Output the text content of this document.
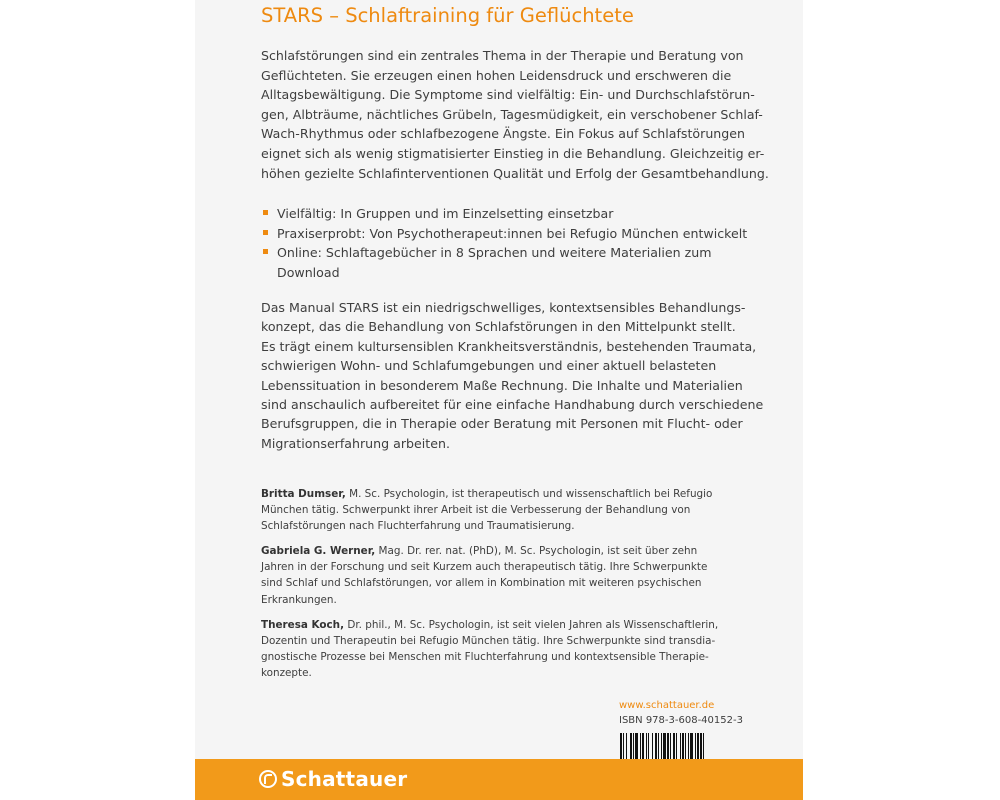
STARS – Schlaftraining für Geflüchtete

Schlafstörungen sind ein zentrales Thema in der Therapie und Beratung von
Geflüchteten. Sie erzeugen einen hohen Leidensdruck und erschweren die
Alltagsbewältigung. Die Symptome sind vielfältig: Ein- und Durchschlafstörun-
gen, Albträume, nächtliches Grübeln, Tagesmüdigkeit, ein verschobener Schlaf-
Wach-Rhythmus oder schlafbezogene Ängste. Ein Fokus auf Schlafstörungen
eignet sich als wenig stigmatisierter Einstieg in die Behandlung. Gleichzeitig er-
höhen gezielte Schlafinterventionen Qualität und Erfolg der Gesamtbehandlung.

Vielfältig: In Gruppen und im Einzelsetting einsetzbar
Praxiserprobt: Von Psychotherapeut:innen bei Refugio München entwickelt
Online: Schlaftagebücher in 8 Sprachen und weitere Materialien zum
Download

Das Manual STARS ist ein niedrigschwelliges, kontextsensibles Behandlungs-
konzept, das die Behandlung von Schlafstörungen in den Mittelpunkt stellt.
Es trägt einem kultursensiblen Krankheitsverständnis, bestehenden Traumata,
schwierigen Wohn- und Schlafumgebungen und einer aktuell belasteten
Lebenssituation in besonderem Maße Rechnung. Die Inhalte und Materialien
sind anschaulich aufbereitet für eine einfache Handhabung durch verschiedene
Berufsgruppen, die in Therapie oder Beratung mit Personen mit Flucht- oder
Migrationserfahrung arbeiten.

Britta Dumser, M. Sc. Psychologin, ist therapeutisch und wissenschaftlich bei Refugio
München tätig. Schwerpunkt ihrer Arbeit ist die Verbesserung der Behandlung von
Schlafstörungen nach Fluchterfahrung und Traumatisierung.

Gabriela G. Werner, Mag. Dr. rer. nat. (PhD), M. Sc. Psychologin, ist seit über zehn
Jahren in der Forschung und seit Kurzem auch therapeutisch tätig. Ihre Schwerpunkte
sind Schlaf und Schlafstörungen, vor allem in Kombination mit weiteren psychischen
Erkrankungen.

Theresa Koch, Dr. phil., M. Sc. Psychologin, ist seit vielen Jahren als Wissenschaftlerin,
Dozentin und Therapeutin bei Refugio München tätig. Ihre Schwerpunkte sind transdia-
gnostische Prozesse bei Menschen mit Fluchterfahrung und kontextsensible Therapie-
konzepte.

www.schattauer.de
ISBN 978-3-608-40152-3
Schattauer
